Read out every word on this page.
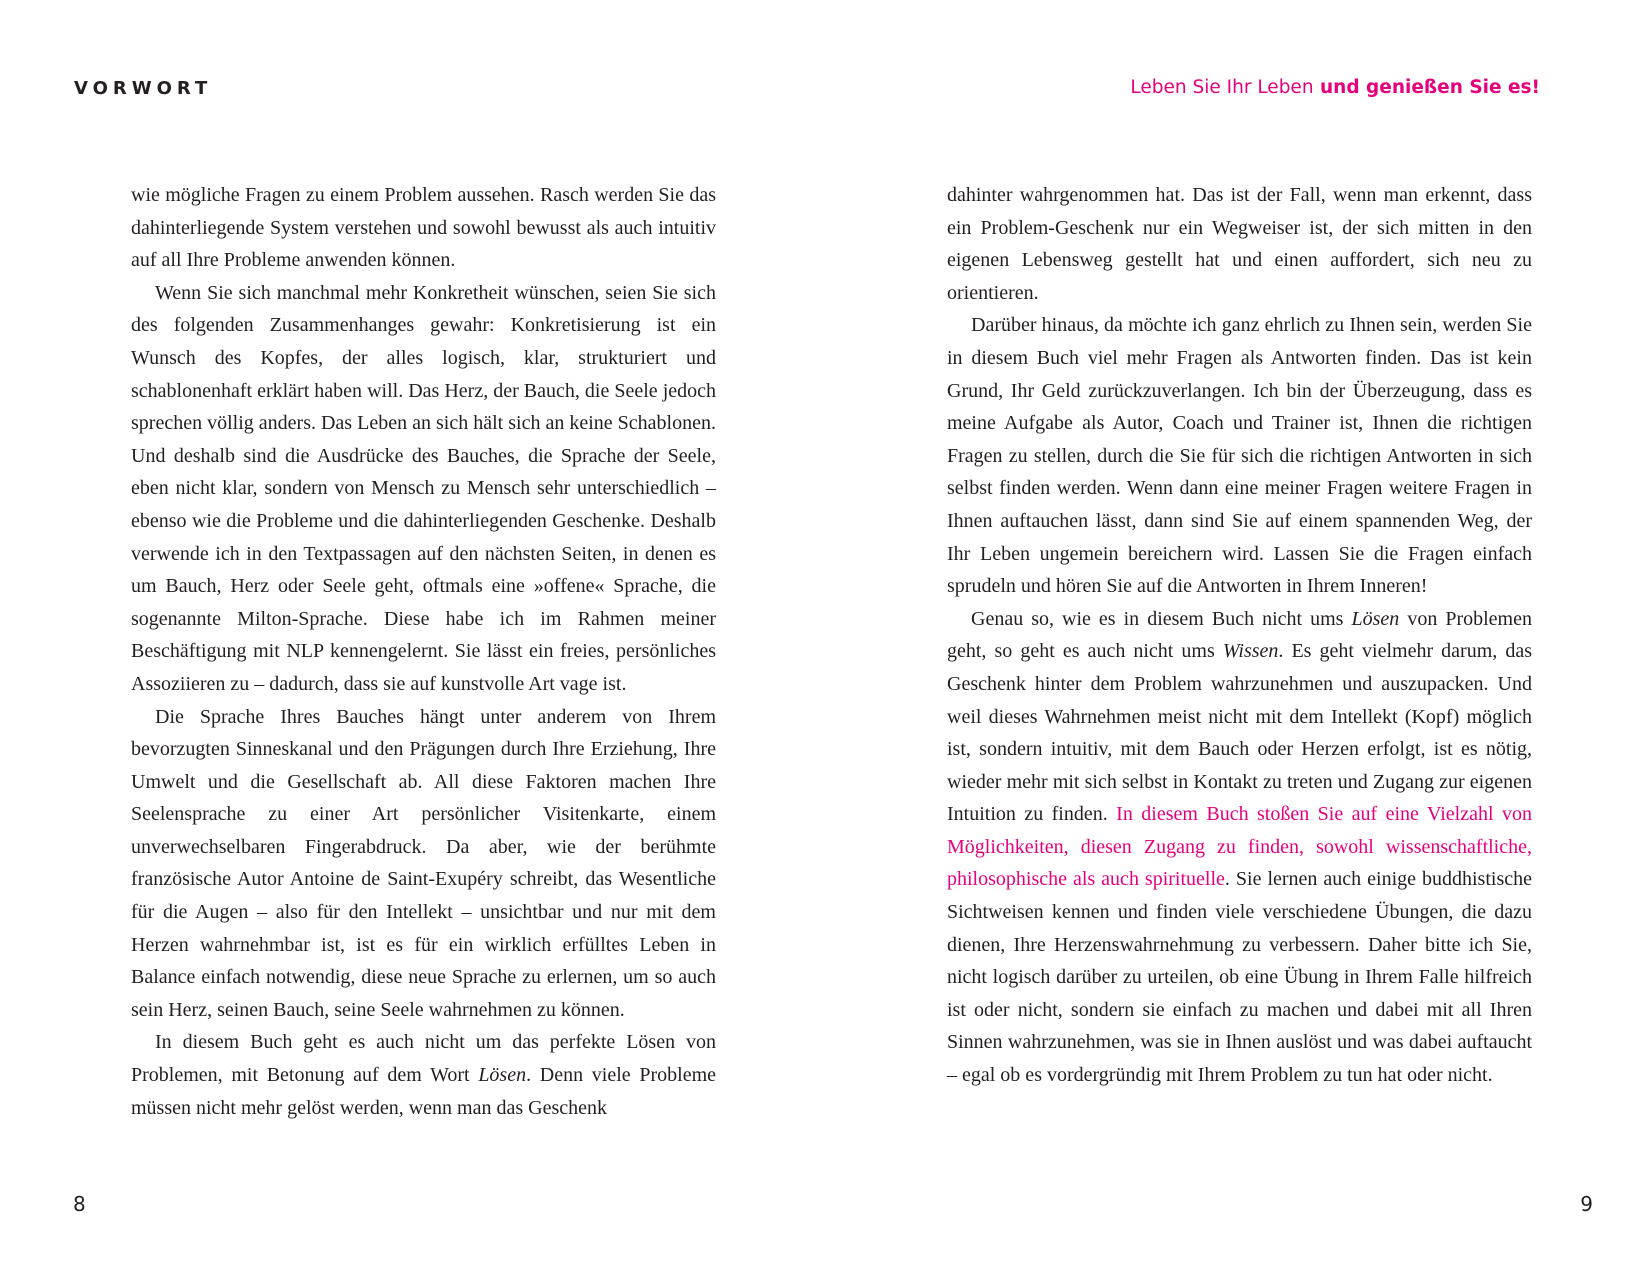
VORWORT

wie mögliche Fragen zu einem Problem aussehen. Rasch werden Sie das dahinterliegende System verstehen und sowohl bewusst als auch intuitiv auf all Ihre Probleme anwenden können.

Wenn Sie sich manchmal mehr Konkretheit wünschen, seien Sie sich des folgenden Zusammenhanges gewahr: Konkretisierung ist ein Wunsch des Kopfes, der alles logisch, klar, strukturiert und schablonenhaft erklärt haben will. Das Herz, der Bauch, die Seele jedoch sprechen völlig anders. Das Leben an sich hält sich an keine Schablonen. Und deshalb sind die Ausdrücke des Bauches, die Sprache der Seele, eben nicht klar, sondern von Mensch zu Mensch sehr unterschiedlich – ebenso wie die Probleme und die dahinterliegenden Geschenke. Deshalb verwende ich in den Textpassagen auf den nächsten Seiten, in denen es um Bauch, Herz oder Seele geht, oftmals eine »offene« Sprache, die sogenannte Milton-Sprache. Diese habe ich im Rahmen meiner Beschäftigung mit NLP kennengelernt. Sie lässt ein freies, persönliches Assoziieren zu – dadurch, dass sie auf kunstvolle Art vage ist.

Die Sprache Ihres Bauches hängt unter anderem von Ihrem bevorzugten Sinneskanal und den Prägungen durch Ihre Erziehung, Ihre Umwelt und die Gesellschaft ab. All diese Faktoren machen Ihre Seelensprache zu einer Art persönlicher Visitenkarte, einem unverwechselbaren Fingerabdruck. Da aber, wie der berühmte französische Autor Antoine de Saint-Exupéry schreibt, das Wesentliche für die Augen – also für den Intellekt – unsichtbar und nur mit dem Herzen wahrnehmbar ist, ist es für ein wirklich erfülltes Leben in Balance einfach notwendig, diese neue Sprache zu erlernen, um so auch sein Herz, seinen Bauch, seine Seele wahrnehmen zu können.

In diesem Buch geht es auch nicht um das perfekte Lösen von Problemen, mit Betonung auf dem Wort Lösen. Denn viele Probleme müssen nicht mehr gelöst werden, wenn man das Geschenk

8

Leben Sie Ihr Leben und genießen Sie es!

dahinter wahrgenommen hat. Das ist der Fall, wenn man erkennt, dass ein Problem-Geschenk nur ein Wegweiser ist, der sich mitten in den eigenen Lebensweg gestellt hat und einen auffordert, sich neu zu orientieren.

Darüber hinaus, da möchte ich ganz ehrlich zu Ihnen sein, werden Sie in diesem Buch viel mehr Fragen als Antworten finden. Das ist kein Grund, Ihr Geld zurückzuverlangen. Ich bin der Überzeugung, dass es meine Aufgabe als Autor, Coach und Trainer ist, Ihnen die richtigen Fragen zu stellen, durch die Sie für sich die richtigen Antworten in sich selbst finden werden. Wenn dann eine meiner Fragen weitere Fragen in Ihnen auftauchen lässt, dann sind Sie auf einem spannenden Weg, der Ihr Leben ungemein bereichern wird. Lassen Sie die Fragen einfach sprudeln und hören Sie auf die Antworten in Ihrem Inneren!

Genau so, wie es in diesem Buch nicht ums Lösen von Problemen geht, so geht es auch nicht ums Wissen. Es geht vielmehr darum, das Geschenk hinter dem Problem wahrzunehmen und auszupacken. Und weil dieses Wahrnehmen meist nicht mit dem Intellekt (Kopf) möglich ist, sondern intuitiv, mit dem Bauch oder Herzen erfolgt, ist es nötig, wieder mehr mit sich selbst in Kontakt zu treten und Zugang zur eigenen Intuition zu finden. In diesem Buch stoßen Sie auf eine Vielzahl von Möglichkeiten, diesen Zugang zu finden, sowohl wissenschaftliche, philosophische als auch spirituelle. Sie lernen auch einige buddhistische Sichtweisen kennen und finden viele verschiedene Übungen, die dazu dienen, Ihre Herzenswahrnehmung zu verbessern. Daher bitte ich Sie, nicht logisch darüber zu urteilen, ob eine Übung in Ihrem Falle hilfreich ist oder nicht, sondern sie einfach zu machen und dabei mit all Ihren Sinnen wahrzunehmen, was sie in Ihnen auslöst und was dabei auftaucht – egal ob es vordergründig mit Ihrem Problem zu tun hat oder nicht.

9
